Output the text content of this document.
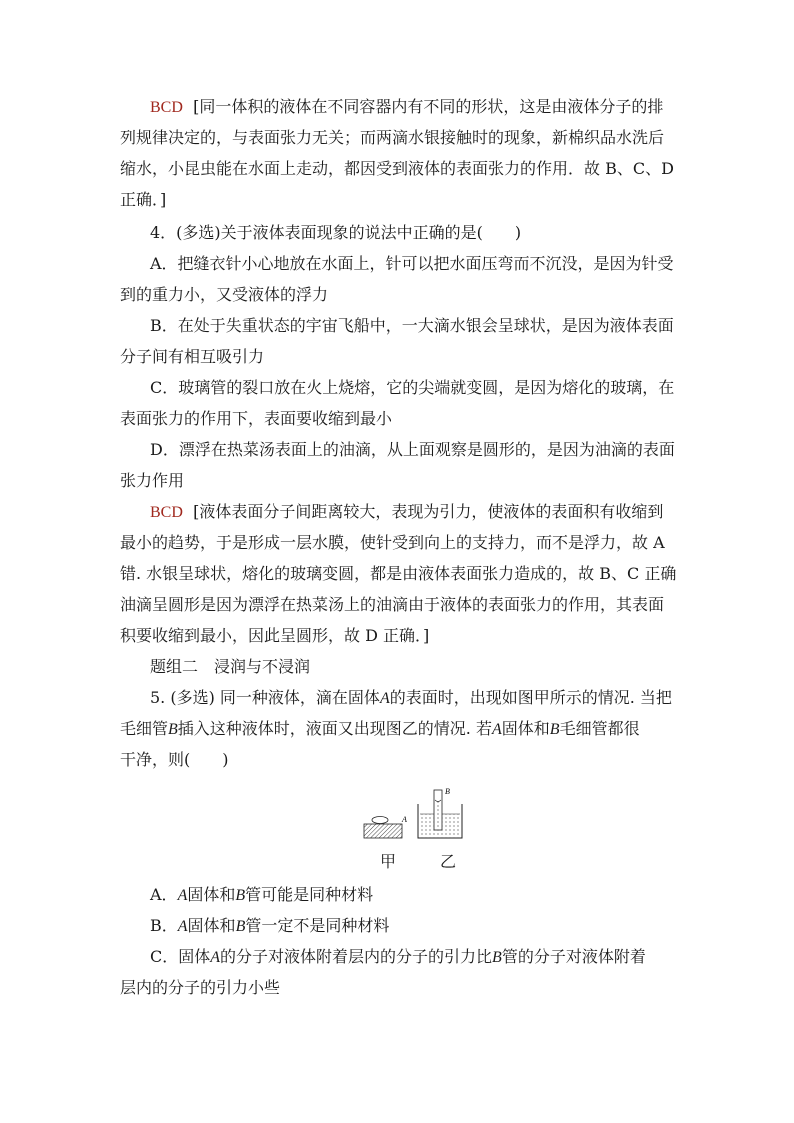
BCD [同一体积的液体在不同容器内有不同的形状，这是由液体分子的排
列规律决定的，与表面张力无关；而两滴水银接触时的现象，新棉织品水洗后
缩水，小昆虫能在水面上走动，都因受到液体的表面张力的作用．故 B、C、D
正确．]
4．(多选)关于液体表面现象的说法中正确的是(　　)
A．把缝衣针小心地放在水面上，针可以把水面压弯而不沉没，是因为针受
到的重力小，又受液体的浮力
B．在处于失重状态的宇宙飞船中，一大滴水银会呈球状，是因为液体表面
分子间有相互吸引力
C．玻璃管的裂口放在火上烧熔，它的尖端就变圆，是因为熔化的玻璃，在
表面张力的作用下，表面要收缩到最小
D．漂浮在热菜汤表面上的油滴，从上面观察是圆形的，是因为油滴的表面
张力作用
BCD [液体表面分子间距离较大，表现为引力，使液体的表面积有收缩到
最小的趋势，于是形成一层水膜，使针受到向上的支持力，而不是浮力，故 A
错. 水银呈球状，熔化的玻璃变圆，都是由液体表面张力造成的，故 B、C 正确
油滴呈圆形是因为漂浮在热菜汤上的油滴由于液体的表面张力的作用，其表面
积要收缩到最小，因此呈圆形，故 D 正确．]
题组二　浸润与不浸润
5. (多选) 同一种液体，滴在固体A的表面时，出现如图甲所示的情况. 当把
毛细管B插入这种液体时，液面又出现图乙的情况. 若A固体和B毛细管都很
干净，则(　　)
A
B
甲	乙
A．A固体和B管可能是同种材料
B．A固体和B管一定不是同种材料
C．固体A的分子对液体附着层内的分子的引力比B管的分子对液体附着
层内的分子的引力小些
